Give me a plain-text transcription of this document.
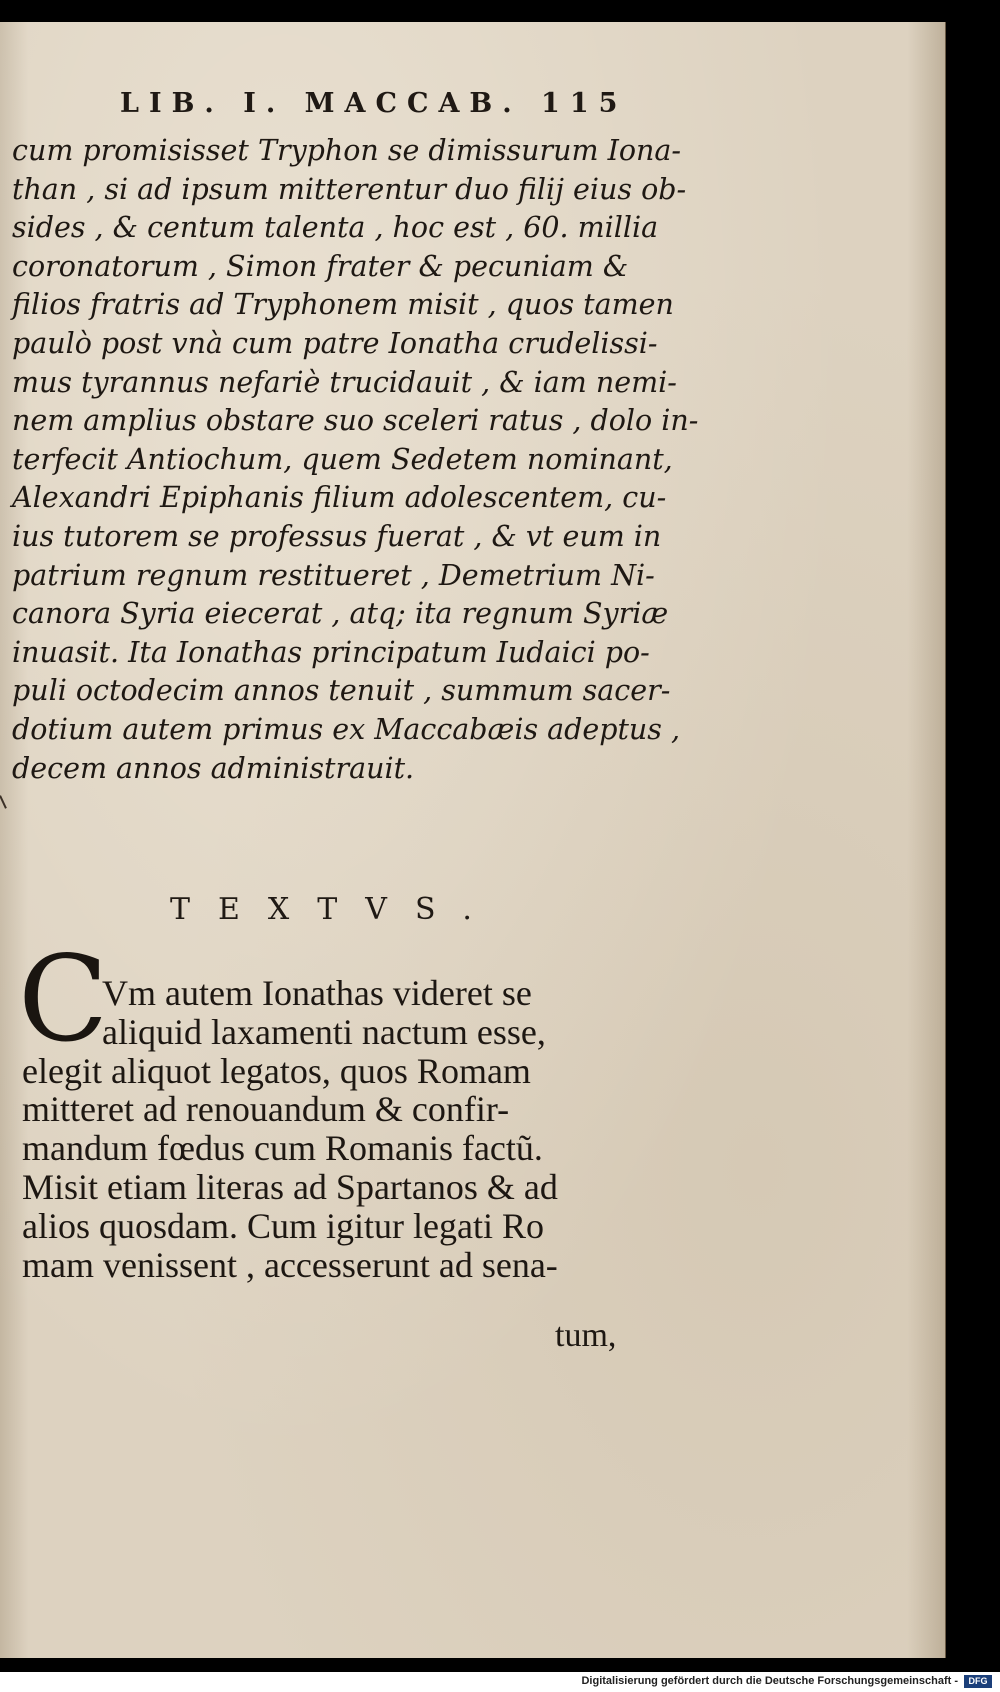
LIB. I. MACCAB. 115
cum promisisset Tryphon se dimissurum Iona-
than , si ad ipsum mitterentur duo filij eius ob-
sides , & centum talenta , hoc est , 60. millia
coronatorum , Simon frater & pecuniam &
filios fratris ad Tryphonem misit , quos tamen
paulò post vnà cum patre Ionatha crudelissi-
mus tyrannus nefariè trucidauit , & iam nemi-
nem amplius obstare suo sceleri ratus , dolo in-
terfecit Antiochum, quem Sedetem nominant,
Alexandri Epiphanis filium adolescentem, cu-
ius tutorem se professus fuerat , & vt eum in
patrium regnum restitueret , Demetrium Ni-
canora Syria eiecerat , atq; ita regnum Syriæ
inuasit. Ita Ionathas principatum Iudaici po-
puli octodecim annos tenuit , summum sacer-
dotium autem primus ex Maccabæis adeptus ,
decem annos administrauit.
TEXTVS.
C
Vm autem Ionathas videret se
aliquid laxamenti nactum esse,
elegit aliquot legatos, quos Romam
mitteret ad renouandum & confir-
mandum fœdus cum Romanis factũ.
Misit etiam literas ad Spartanos & ad
alios quosdam. Cum igitur legati Ro
mam venissent , accesserunt ad sena-
tum,
Digitalisierung gefördert durch die Deutsche Forschungsgemeinschaft -	DFG
